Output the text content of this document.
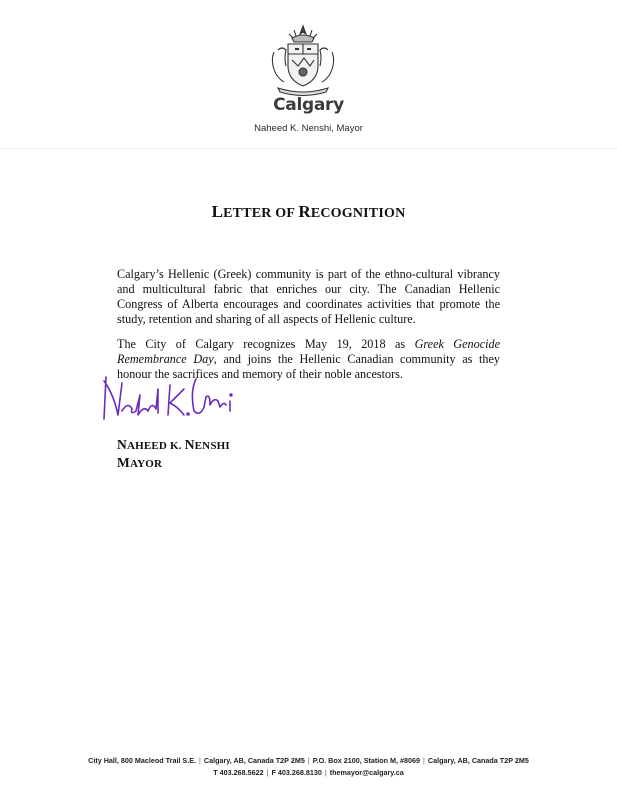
Calgary
Naheed K. Nenshi, Mayor
LETTER OF RECOGNITION

Calgary’s Hellenic (Greek) community is part of the ethno-cultural vibrancy and multicultural fabric that enriches our city. The Canadian Hellenic Congress of Alberta encourages and coordinates activities that promote the study, retention and sharing of all aspects of Hellenic culture.

The City of Calgary recognizes May 19, 2018 as Greek Genocide Remembrance Day, and joins the Hellenic Canadian community as they honour the sacrifices and memory of their noble ancestors.

NAHEED K. NENSHI
MAYOR
City Hall, 800 Macleod Trail S.E. | Calgary, AB, Canada T2P 2M5 | P.O. Box 2100, Station M, #8069 | Calgary, AB, Canada T2P 2M5
T 403.268.5622 | F 403.268.8130 | themayor@calgary.ca
